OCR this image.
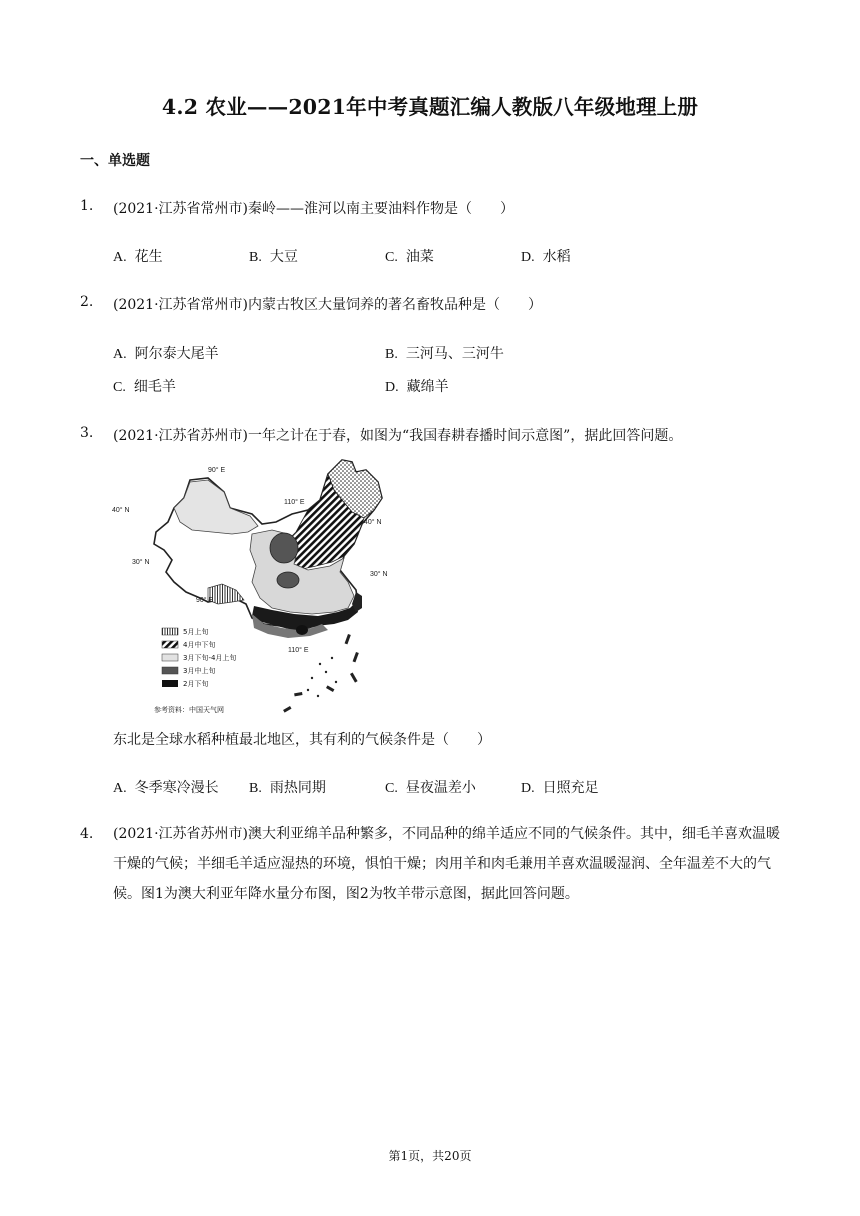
4.2 农业——2021年中考真题汇编人教版八年级地理上册
一、单选题
1. (2021·江苏省常州市)秦岭——淮河以南主要油料作物是（　　）
A. 花生	B. 大豆	C. 油菜	D. 水稻
2. (2021·江苏省常州市)内蒙古牧区大量饲养的著名畜牧品种是（　　）
A. 阿尔泰大尾羊	B. 三河马、三河牛
C. 细毛羊	D. 藏绵羊
3. (2021·江苏省苏州市)一年之计在于春，如图为“我国春耕春播时间示意图”，据此回答问题。
90° E
110° E
90° E
110° E
40° N
40° N
30° N
30° N
5月上旬
4月中下旬
3月下旬-4月上旬
3月中上旬
2月下旬
参考资料：中国天气网
东北是全球水稻种植最北地区，其有利的气候条件是（　　）
A. 冬季寒冷漫长 B. 雨热同期	C. 昼夜温差小	D. 日照充足
4. (2021·江苏省苏州市)澳大利亚绵羊品种繁多，不同品种的绵羊适应不同的气候条件。其中，细毛羊喜欢温暖干燥的气候；半细毛羊适应湿热的环境，惧怕干燥；肉用羊和肉毛兼用羊喜欢温暖湿润、全年温差不大的气候。图1为澳大利亚年降水量分布图，图2为牧羊带示意图，据此回答问题。
第1页，共20页
